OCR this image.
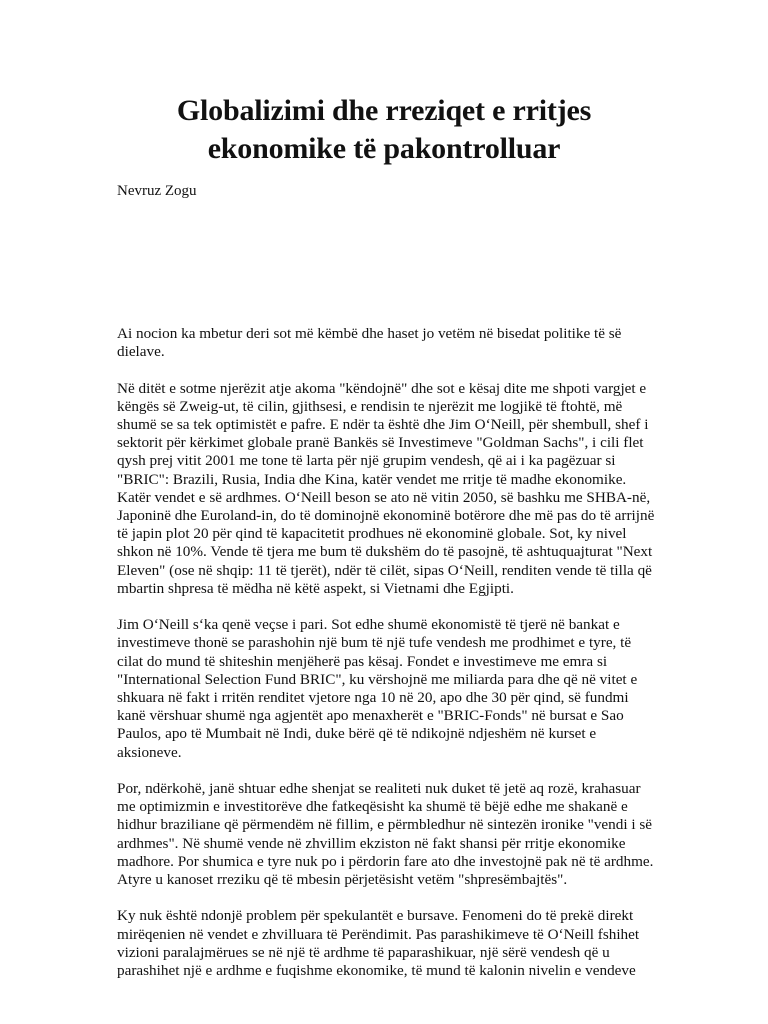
Globalizimi dhe rreziqet e rritjes
ekonomike të pakontrolluar
Nevruz Zogu

Ai nocion ka mbetur deri sot më këmbë dhe haset jo vetëm në bisedat politike të së dielave.

Në ditët e sotme njerëzit atje akoma "këndojnë" dhe sot e kësaj dite me shpoti vargjet e këngës së Zweig-ut, të cilin, gjithsesi, e rendisin te njerëzit me logjikë të ftohtë, më shumë se sa tek optimistët e pafre. E ndër ta është dhe Jim O‘Neill, për shembull, shef i sektorit për kërkimet globale pranë Bankës së Investimeve "Goldman Sachs", i cili flet qysh prej vitit 2001 me tone të larta për një grupim vendesh, që ai i ka pagëzuar si "BRIC": Brazili, Rusia, India dhe Kina, katër vendet me rritje të madhe ekonomike. Katër vendet e së ardhmes. O‘Neill beson se ato në vitin 2050, së bashku me SHBA-në, Japoninë dhe Euroland-in, do të dominojnë ekonominë botërore dhe më pas do të arrijnë të japin plot 20 për qind të kapacitetit prodhues në ekonominë globale. Sot, ky nivel shkon në 10%. Vende të tjera me bum të dukshëm do të pasojnë, të ashtuquajturat "Next Eleven" (ose në shqip: 11 të tjerët), ndër të cilët, sipas O‘Neill, renditen vende të tilla që mbartin shpresa të mëdha në këtë aspekt, si Vietnami dhe Egjipti.

Jim O‘Neill s‘ka qenë veçse i pari. Sot edhe shumë ekonomistë të tjerë në bankat e investimeve thonë se parashohin një bum të një tufe vendesh me prodhimet e tyre, të cilat do mund të shiteshin menjëherë pas kësaj. Fondet e investimeve me emra si "International Selection Fund BRIC", ku vërshojnë me miliarda para dhe që në vitet e shkuara në fakt i rritën renditet vjetore nga 10 në 20, apo dhe 30 për qind, së fundmi kanë vërshuar shumë nga agjentët apo menaxherët e "BRIC-Fonds" në bursat e Sao Paulos, apo të Mumbait në Indi, duke bërë që të ndikojnë ndjeshëm në kurset e aksioneve.

Por, ndërkohë, janë shtuar edhe shenjat se realiteti nuk duket të jetë aq rozë, krahasuar me optimizmin e investitorëve dhe fatkeqësisht ka shumë të bëjë edhe me shakanë e hidhur braziliane që përmendëm në fillim, e përmbledhur në sintezën ironike "vendi i së ardhmes". Në shumë vende në zhvillim ekziston në fakt shansi për rritje ekonomike madhore. Por shumica e tyre nuk po i përdorin fare ato dhe investojnë pak në të ardhme. Atyre u kanoset rreziku që të mbesin përjetësisht vetëm "shpresëmbajtës".

Ky nuk është ndonjë problem për spekulantët e bursave. Fenomeni do të prekë direkt mirëqenien në vendet e zhvilluara të Perëndimit. Pas parashikimeve të O‘Neill fshihet vizioni paralajmërues se në një të ardhme të paparashikuar, një sërë vendesh që u parashihet një e ardhme e fuqishme ekonomike, të mund të kalonin nivelin e vendeve
